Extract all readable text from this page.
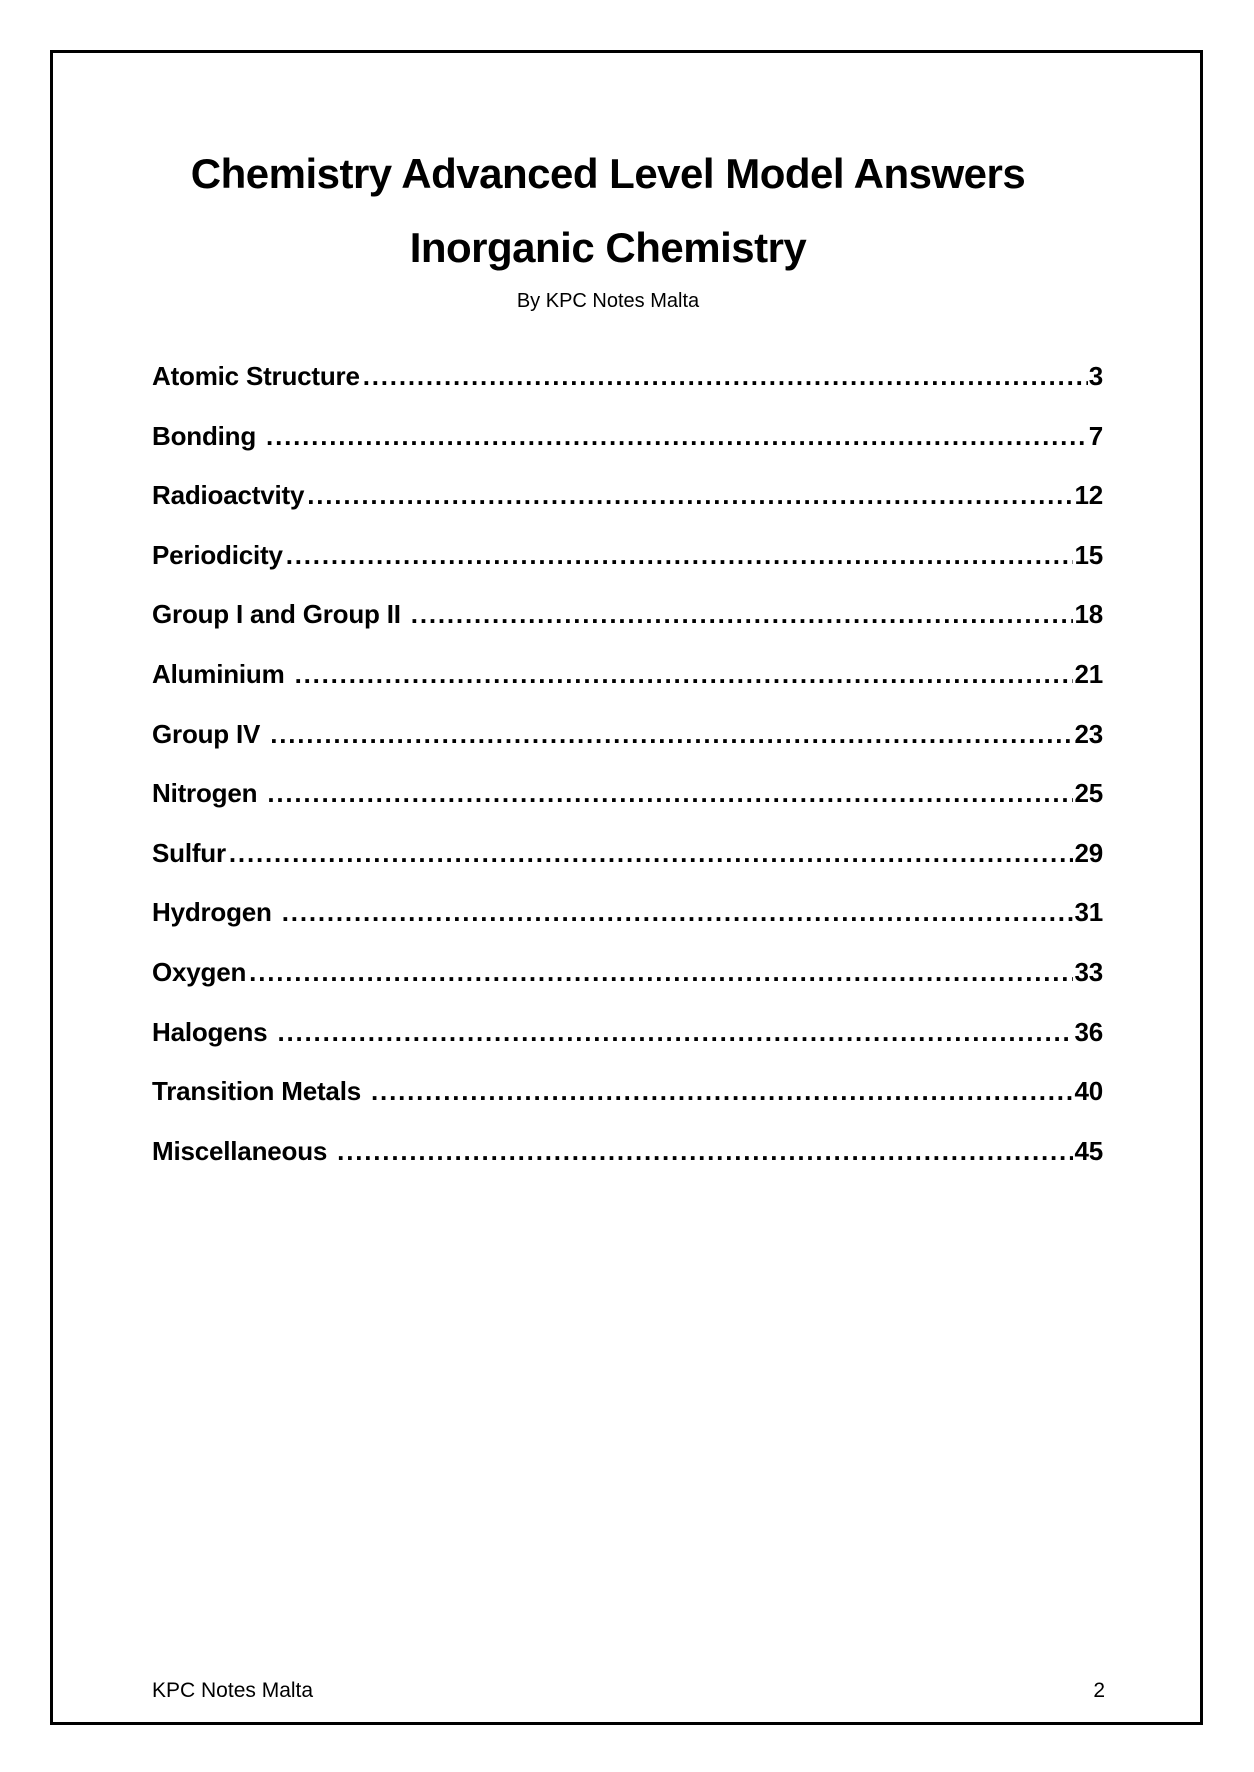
Chemistry Advanced Level Model Answers
Inorganic Chemistry
By KPC Notes Malta
Atomic Structure .....	3
Bonding .....	7
Radioactvity .....	12
Periodicity .....	15
Group I and Group II .....	18
Aluminium .....	21
Group IV .....	23
Nitrogen .....	25
Sulfur .....	29
Hydrogen .....	31
Oxygen .....	33
Halogens .....	36
Transition Metals .....	40
Miscellaneous .....	45
KPC Notes Malta	2
